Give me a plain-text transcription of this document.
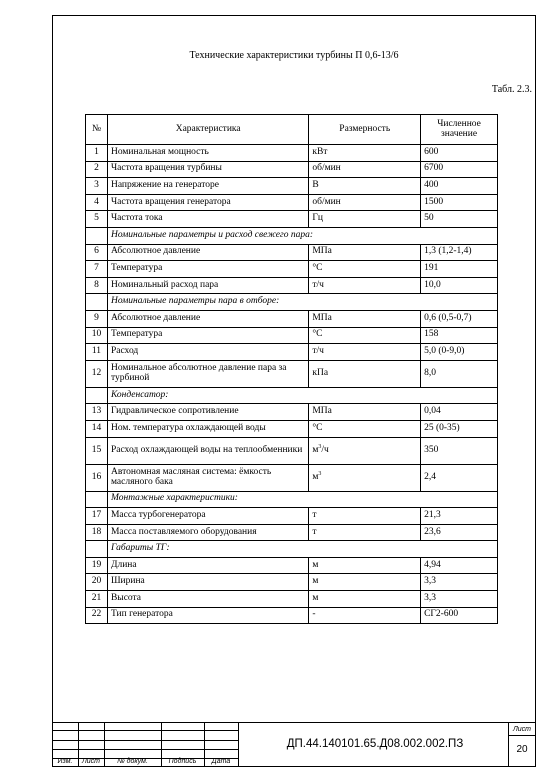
Технические характеристики турбины П 0,6-13/6
Табл. 2.3.
№	Характеристика	Размерность	Численное значение
1	Номинальная мощность	кВт	600
2	Частота вращения турбины	об/мин	6700
3	Напряжение на генераторе	В	400
4	Частота вращения генератора	об/мин	1500
5	Частота тока	Гц	50
	Номинальные параметры и расход свежего пара:		
6	Абсолютное давление	МПа	1,3 (1,2-1,4)
7	Температура	°С	191
8	Номинальный расход пара	т/ч	10,0
	Номинальные параметры пара в отборе:		
9	Абсолютное давление	МПа	0,6 (0,5-0,7)
10	Температура	°С	158
11	Расход	т/ч	5,0 (0-9,0)
12	Номинальное абсолютное давление пара за турбиной	кПа	8,0
	Конденсатор:		
13	Гидравлическое сопротивление	МПа	0,04
14	Ном. температура охлаждающей воды	°С	25 (0-35)
15	Расход охлаждающей воды на теплообменники	$м^3/ч$	350
16	Автономная масляная система: ёмкость масляного бака	$м^3$	2,4
	Монтажные характеристики:		
17	Масса турбогенератора	т	21,3
18	Масса поставляемого оборудования	т	23,6
	Габариты ТГ:		
19	Длина	м	4,94
20	Ширина	м	3,3
21	Высота	м	3,3
22	Тип генератора	-	СГ2-600
Изм.	Лист	№ докум.	Подпись	Дата
ДП.44.140101.65.Д08.002.002.ПЗ
Лист
20
